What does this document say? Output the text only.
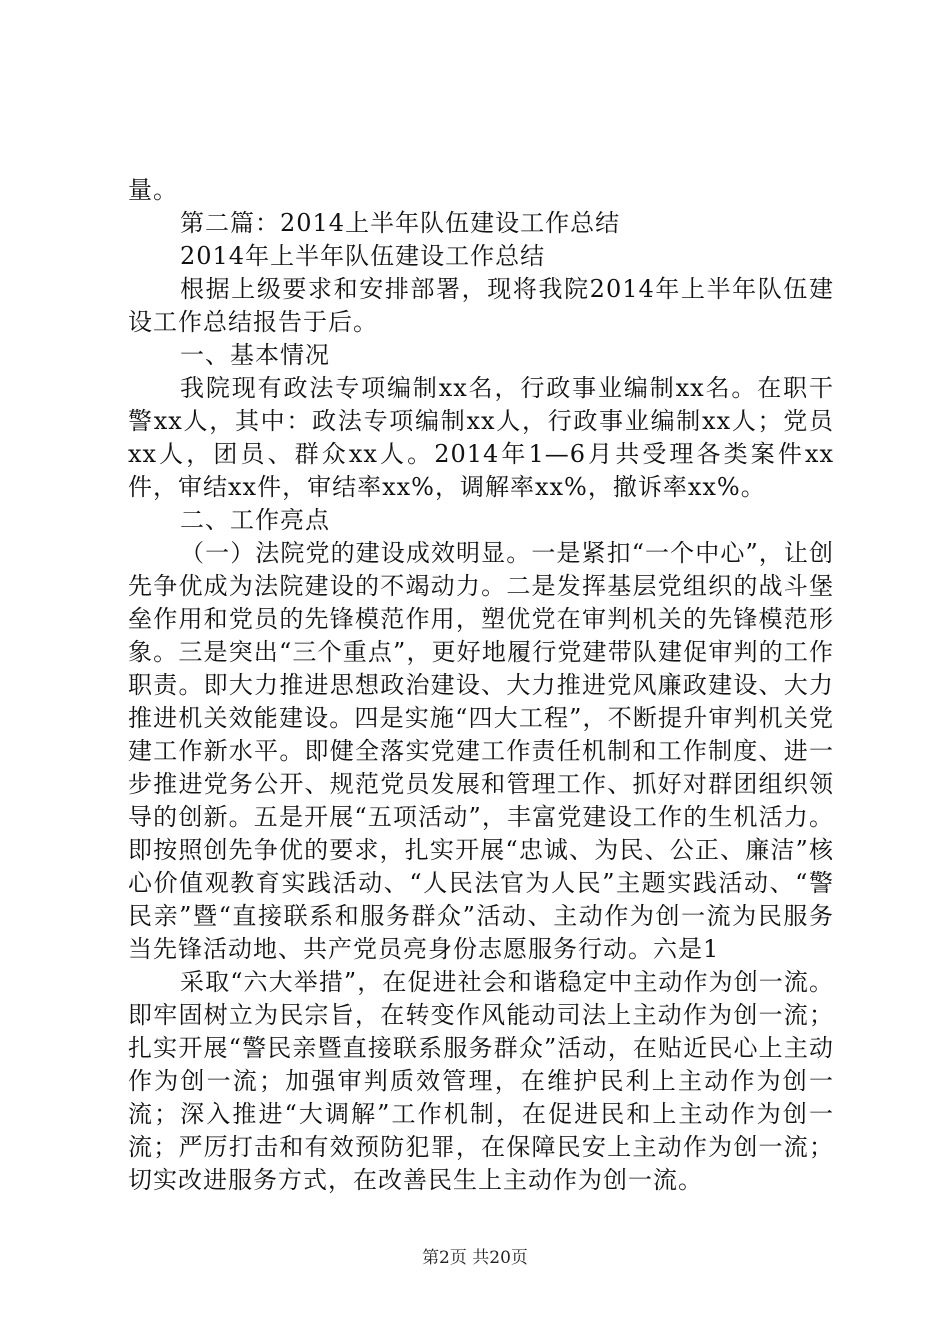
量。

第二篇：2014上半年队伍建设工作总结

2014年上半年队伍建设工作总结

根据上级要求和安排部署，现将我院2014年上半年队伍建设工作总结报告于后。

一、基本情况

我院现有政法专项编制xx名，行政事业编制xx名。在职干警xx人，其中：政法专项编制xx人，行政事业编制xx人；党员xx人，团员、群众xx人。2014年1—6月共受理各类案件xx件，审结xx件，审结率xx%，调解率xx%，撤诉率xx%。

二、工作亮点

（一）法院党的建设成效明显。一是紧扣“一个中心”，让创先争优成为法院建设的不竭动力。二是发挥基层党组织的战斗堡垒作用和党员的先锋模范作用，塑优党在审判机关的先锋模范形象。三是突出“三个重点”，更好地履行党建带队建促审判的工作职责。即大力推进思想政治建设、大力推进党风廉政建设、大力推进机关效能建设。四是实施“四大工程”，不断提升审判机关党建工作新水平。即健全落实党建工作责任机制和工作制度、进一步推进党务公开、规范党员发展和管理工作、抓好对群团组织领导的创新。五是开展“五项活动”，丰富党建设工作的生机活力。即按照创先争优的要求，扎实开展“忠诚、为民、公正、廉洁”核心价值观教育实践活动、“人民法官为人民”主题实践活动、“警民亲”暨“直接联系和服务群众”活动、主动作为创一流为民服务当先锋活动地、共产党员亮身份志愿服务行动。六是1

采取“六大举措”，在促进社会和谐稳定中主动作为创一流。即牢固树立为民宗旨，在转变作风能动司法上主动作为创一流；扎实开展“警民亲暨直接联系服务群众”活动，在贴近民心上主动作为创一流；加强审判质效管理，在维护民利上主动作为创一流；深入推进“大调解”工作机制，在促进民和上主动作为创一流；严厉打击和有效预防犯罪，在保障民安上主动作为创一流；切实改进服务方式，在改善民生上主动作为创一流。

第2页 共20页
